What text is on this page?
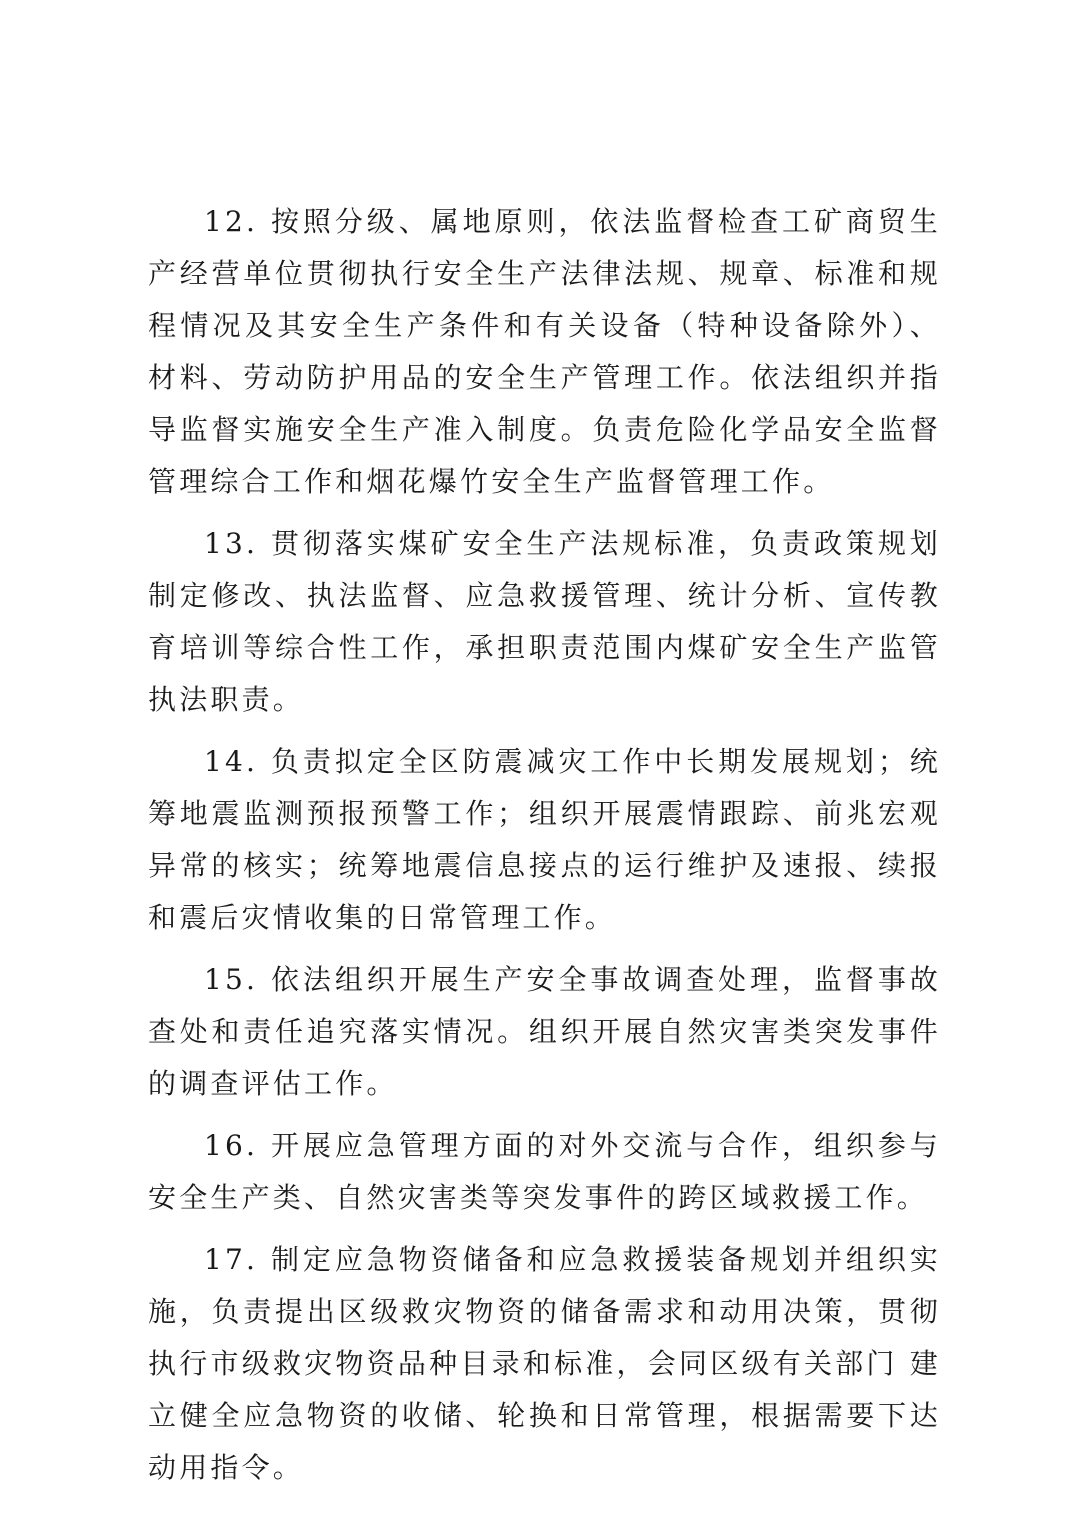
12. 按照分级、属地原则，依法监督检查工矿商贸生产经营单位贯彻执行安全生产法律法规、规章、标准和规程情况及其安全生产条件和有关设备（特种设备除外）、材料、劳动防护用品的安全生产管理工作。依法组织并指导监督实施安全生产准入制度。负责危险化学品安全监督管理综合工作和烟花爆竹安全生产监督管理工作。

13. 贯彻落实煤矿安全生产法规标准，负责政策规划制定修改、执法监督、应急救援管理、统计分析、宣传教育培训等综合性工作，承担职责范围内煤矿安全生产监管执法职责。

14. 负责拟定全区防震减灾工作中长期发展规划；统筹地震监测预报预警工作；组织开展震情跟踪、前兆宏观异常的核实；统筹地震信息接点的运行维护及速报、续报和震后灾情收集的日常管理工作。

15. 依法组织开展生产安全事故调查处理，监督事故查处和责任追究落实情况。组织开展自然灾害类突发事件的调查评估工作。

16. 开展应急管理方面的对外交流与合作，组织参与安全生产类、自然灾害类等突发事件的跨区域救援工作。

17. 制定应急物资储备和应急救援装备规划并组织实施，负责提出区级救灾物资的储备需求和动用决策，贯彻执行市级救灾物资品种目录和标准，会同区级有关部门 建立健全应急物资的收储、轮换和日常管理，根据需要下达动用指令。
